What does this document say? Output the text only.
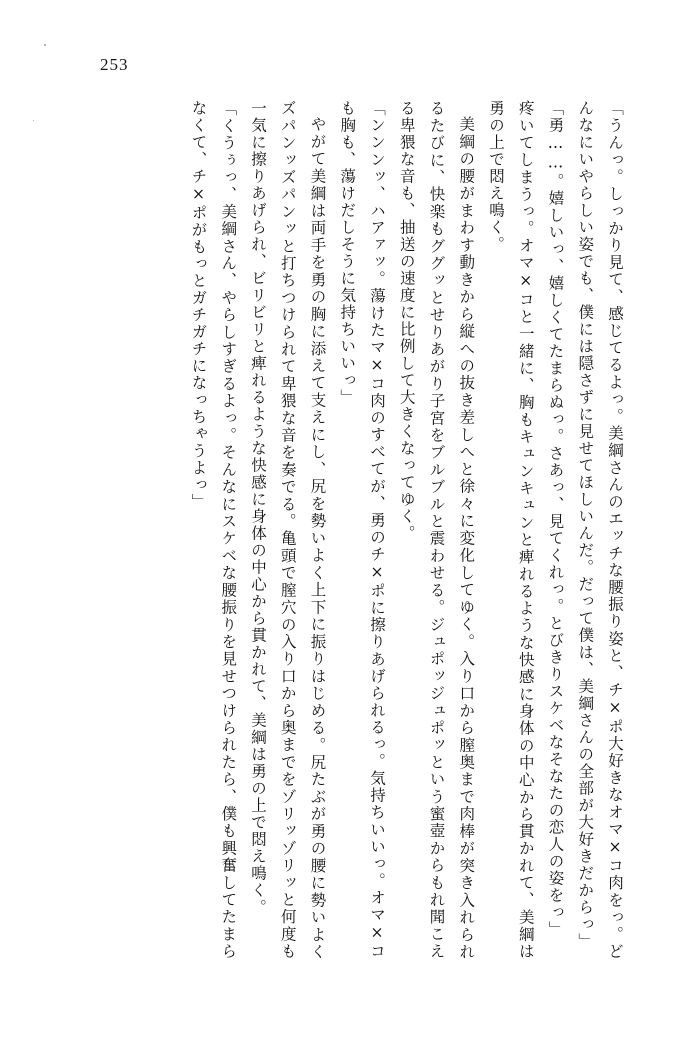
253

「うんっ。しっかり見て、感じてるよっ。美綱さんのエッチな腰振り姿と、チ×ポ大好きなオマ×コ肉をっ。どんなにいやらしい姿でも、僕には隠さずに見せてほしいんだ。だって僕は、美綱さんの全部が大好きだからっ」

「勇……。嬉しいっ、嬉しくてたまらぬっ。さあっ、見てくれっ。とびきりスケベなそなたの恋人の姿をっ」

疼いてしまうっ。オマ×コと一緒に、胸もキュンキュンと痺れるような快感に身体の中心から貫かれて、美綱は勇の上で悶え鳴く。

美綱の腰がまわす動きから縦への抜き差しへと徐々に変化してゆく。入り口から膣奥まで肉棒が突き入れられるたびに、快楽もググッとせりあがり子宮をブルブルと震わせる。ジュポッジュポッという蜜壺からもれ聞こえる卑猥な音も、抽送の速度に比例して大きくなってゆく。

「ンンンッ、ハアァッ。蕩けたマ×コ肉のすべてが、勇のチ×ポに擦りあげられるっ。気持ちいいっ。オマ×コも胸も、蕩けだしそうに気持ちいいっ」

やがて美綱は両手を勇の胸に添えて支えにし、尻を勢いよく上下に振りはじめる。尻たぶが勇の腰に勢いよくズパンッズパンッと打ちつけられて卑猥な音を奏でる。亀頭で膣穴の入り口から奥までをゾリッゾリッと何度も一気に擦りあげられ、ビリビリと痺れるような快感に身体の中心から貫かれて、美綱は勇の上で悶え鳴く。

「くうぅっ、美綱さん、やらしすぎるよっ。そんなにスケベな腰振りを見せつけられたら、僕も興奮してたまらなくて、チ×ポがもっとガチガチになっちゃうよっ」
